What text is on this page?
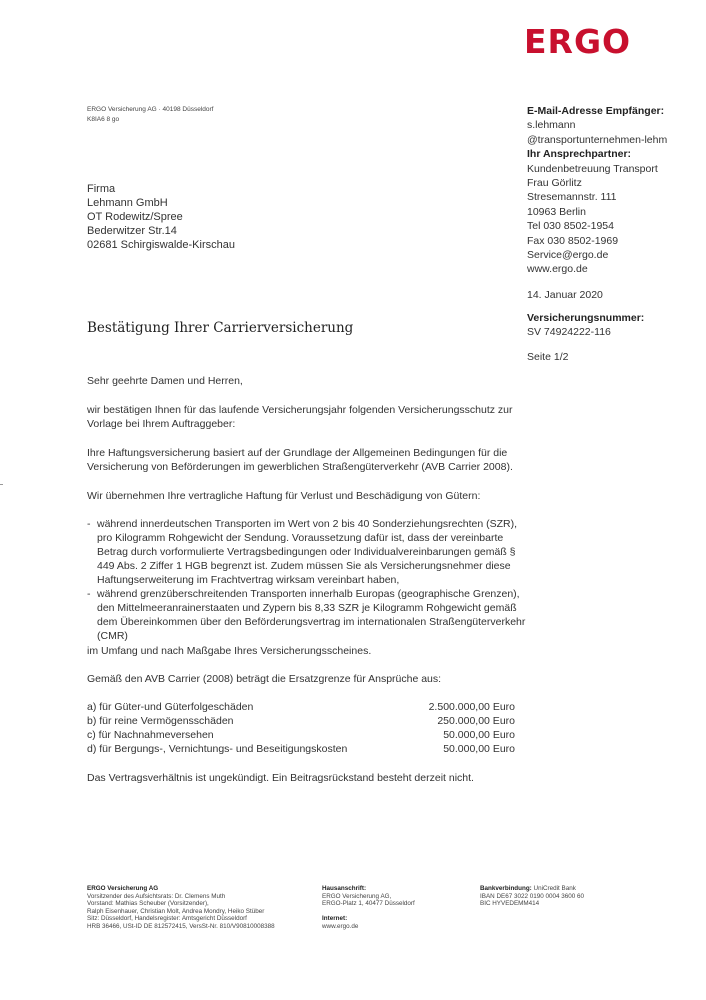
ERGO
ERGO Versicherung AG · 40198 Düsseldorf
K8IA6 8 go
Firma
Lehmann GmbH
OT Rodewitz/Spree
Bederwitzer Str.14
02681 Schirgiswalde-Kirschau
E-Mail-Adresse Empfänger:
s.lehmann
@transportunternehmen-lehm
Ihr Ansprechpartner:
Kundenbetreuung Transport
Frau Görlitz
Stresemannstr. 111
10963 Berlin
Tel 030 8502-1954
Fax 030 8502-1969
Service@ergo.de
www.ergo.de
14. Januar 2020
Versicherungsnummer:
SV 74924222-116
Seite 1/2
Bestätigung Ihrer Carrierversicherung
Sehr geehrte Damen und Herren,
wir bestätigen Ihnen für das laufende Versicherungsjahr folgenden Versicherungsschutz zur Vorlage bei Ihrem Auftraggeber:
Ihre Haftungsversicherung basiert auf der Grundlage der Allgemeinen Bedingungen für die Versicherung von Beförderungen im gewerblichen Straßengüterverkehr (AVB Carrier 2008).
Wir übernehmen Ihre vertragliche Haftung für Verlust und Beschädigung von Gütern:
- während innerdeutschen Transporten im Wert von 2 bis 40 Sonderziehungsrechten (SZR), pro Kilogramm Rohgewicht der Sendung. Voraussetzung dafür ist, dass der vereinbarte Betrag durch vorformulierte Vertragsbedingungen oder Individualvereinbarungen gemäß § 449 Abs. 2 Ziffer 1 HGB begrenzt ist. Zudem müssen Sie als Versicherungsnehmer diese Haftungserweiterung im Frachtvertrag wirksam vereinbart haben,
- während grenzüberschreitenden Transporten innerhalb Europas (geographische Grenzen), den Mittelmeeranrainerstaaten und Zypern bis 8,33 SZR je Kilogramm Rohgewicht gemäß dem Übereinkommen über den Beförderungsvertrag im internationalen Straßengüterverkehr (CMR)
im Umfang und nach Maßgabe Ihres Versicherungsscheines.
Gemäß den AVB Carrier (2008) beträgt die Ersatzgrenze für Ansprüche aus:
a) für Güter-und Güterfolgeschäden	2.500.000,00 Euro
b) für reine Vermögensschäden	250.000,00 Euro
c) für Nachnahmeversehen	50.000,00 Euro
d) für Bergungs-, Vernichtungs- und Beseitigungskosten	50.000,00 Euro
Das Vertragsverhältnis ist ungekündigt. Ein Beitragsrückstand besteht derzeit nicht.
ERGO Versicherung AG
Vorsitzender des Aufsichtsrats: Dr. Clemens Muth
Vorstand: Mathias Scheuber (Vorsitzender),
Ralph Eisenhauer, Christian Molt, Andrea Mondry, Heiko Stüber
Sitz: Düsseldorf, Handelsregister: Amtsgericht Düsseldorf
HRB 36466, USt-ID DE 812572415, VersSt-Nr. 810/V90810008388
Hausanschrift:
ERGO Versicherung AG,
ERGO-Platz 1, 40477 Düsseldorf
Internet:
www.ergo.de
Bankverbindung: UniCredit Bank
IBAN DE67 3022 0190 0004 3600 60
BIC HYVEDEMM414
